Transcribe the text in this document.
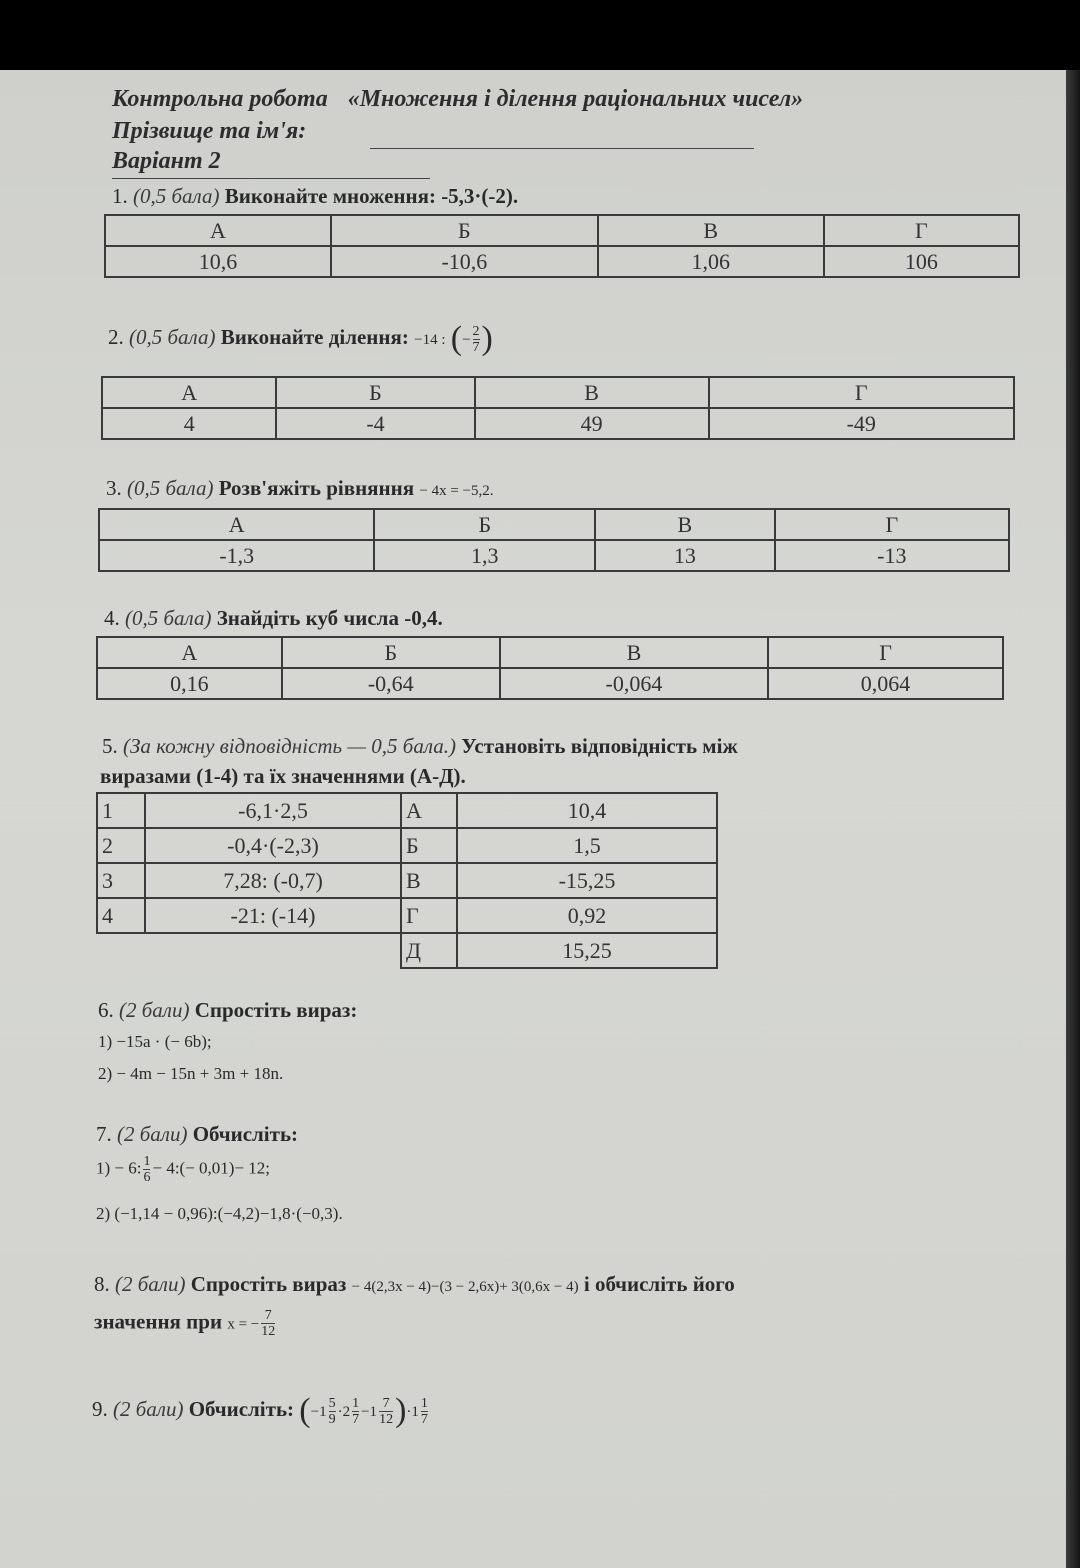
Контрольна робота «Множення і ділення раціональних чисел»
Прізвище та ім'я:
Варіант 2
1. (0,5 бала) Виконайте множення: -5,3·(-2).
А	Б	В	Г
10,6	-10,6	1,06	106
2. (0,5 бала) Виконайте ділення: −14 : (− $\frac{2}{7}$ )
А	Б	В	Г
4	-4	49	-49
3. (0,5 бала) Розв'яжіть рівняння − 4x = −5,2.
А	Б	В	Г
-1,3	1,3	13	-13
4. (0,5 бала) Знайдіть куб числа -0,4.
А	Б	В	Г
0,16	-0,64	-0,064	0,064
5. (За кожну відповідність — 0,5 бала.) Установіть відповідність між
виразами (1-4) та їх значеннями (А-Д).
1	-6,1·2,5	А	10,4
2	-0,4·(-2,3)	Б	1,5
3	7,28: (-0,7)	В	-15,25
4	-21: (-14)	Г	0,92
		Д	15,25
6. (2 бали) Спростіть вираз:
1) −15a · (− 6b);
2) − 4m − 15n + 3m + 18n.
7. (2 бали) Обчисліть:
1) − 6: $\frac{1}{6}$ − 4:(− 0,01)− 12;
2) (−1,14 − 0,96):(−4,2)−1,8·(−0,3).
8. (2 бали) Спростіть вираз − 4(2,3x − 4)−(3 − 2,6x)+ 3(0,6x − 4) і обчисліть його
значення при x = − $\frac{7}{12}$
9. (2 бали) Обчисліть: $(-1 \frac{5}{9} \cdot 2 \frac{1}{7} -1 \frac{7}{12} )\cdot 1 \frac{1}{7}$
